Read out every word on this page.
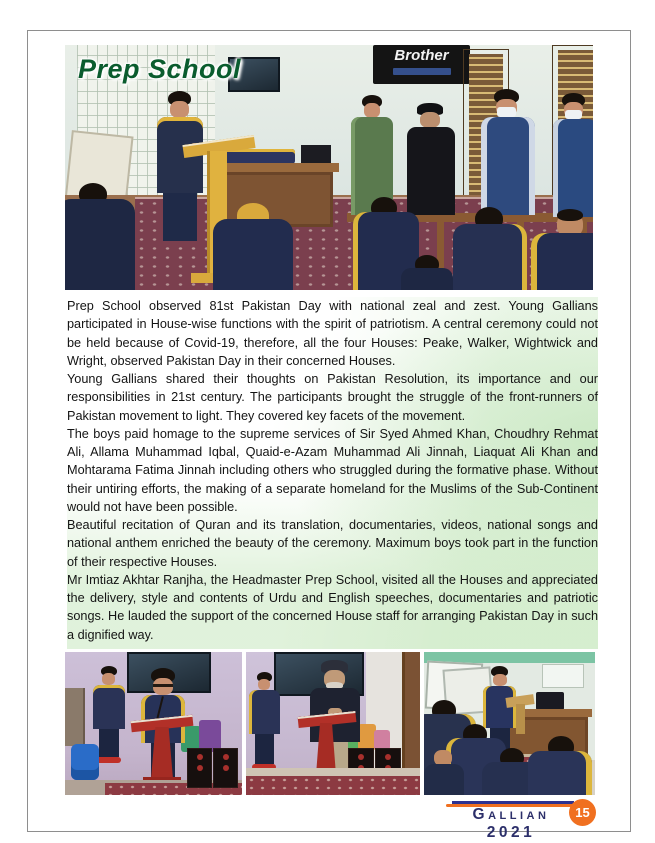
Brother
Prep School

Prep School observed 81st Pakistan Day with national zeal and zest. Young Gallians participated in House-wise functions with the spirit of patriotism. A central ceremony could not be held because of Covid-19, therefore, all the four Houses: Peake, Walker, Wightwick and Wright, observed Pakistan Day in their concerned Houses.

Young Gallians shared their thoughts on Pakistan Resolution, its importance and our responsibilities in 21st century. The participants brought the struggle of the front-runners of Pakistan movement to light. They covered key facets of the movement.

The boys paid homage to the supreme services of Sir Syed Ahmed Khan, Choudhry Rehmat Ali, Allama Muhammad Iqbal, Quaid-e-Azam Muhammad Ali Jinnah, Liaquat Ali Khan and Mohtarama Fatima Jinnah including others who struggled during the formative phase. Without their untiring efforts, the making of a separate homeland for the Muslims of the Sub-Continent would not have been possible.

Beautiful recitation of Quran and its translation, documentaries, videos, national songs and national anthem enriched the beauty of the ceremony. Maximum boys took part in the function of their respective Houses.

Mr Imtiaz Akhtar Ranjha, the Headmaster Prep School, visited all the Houses and appreciated the delivery, style and contents of Urdu and English speeches, documentaries and patriotic songs. He lauded the support of the concerned House staff for arranging Pakistan Day in such a dignified way.

Gallian 2021
15
